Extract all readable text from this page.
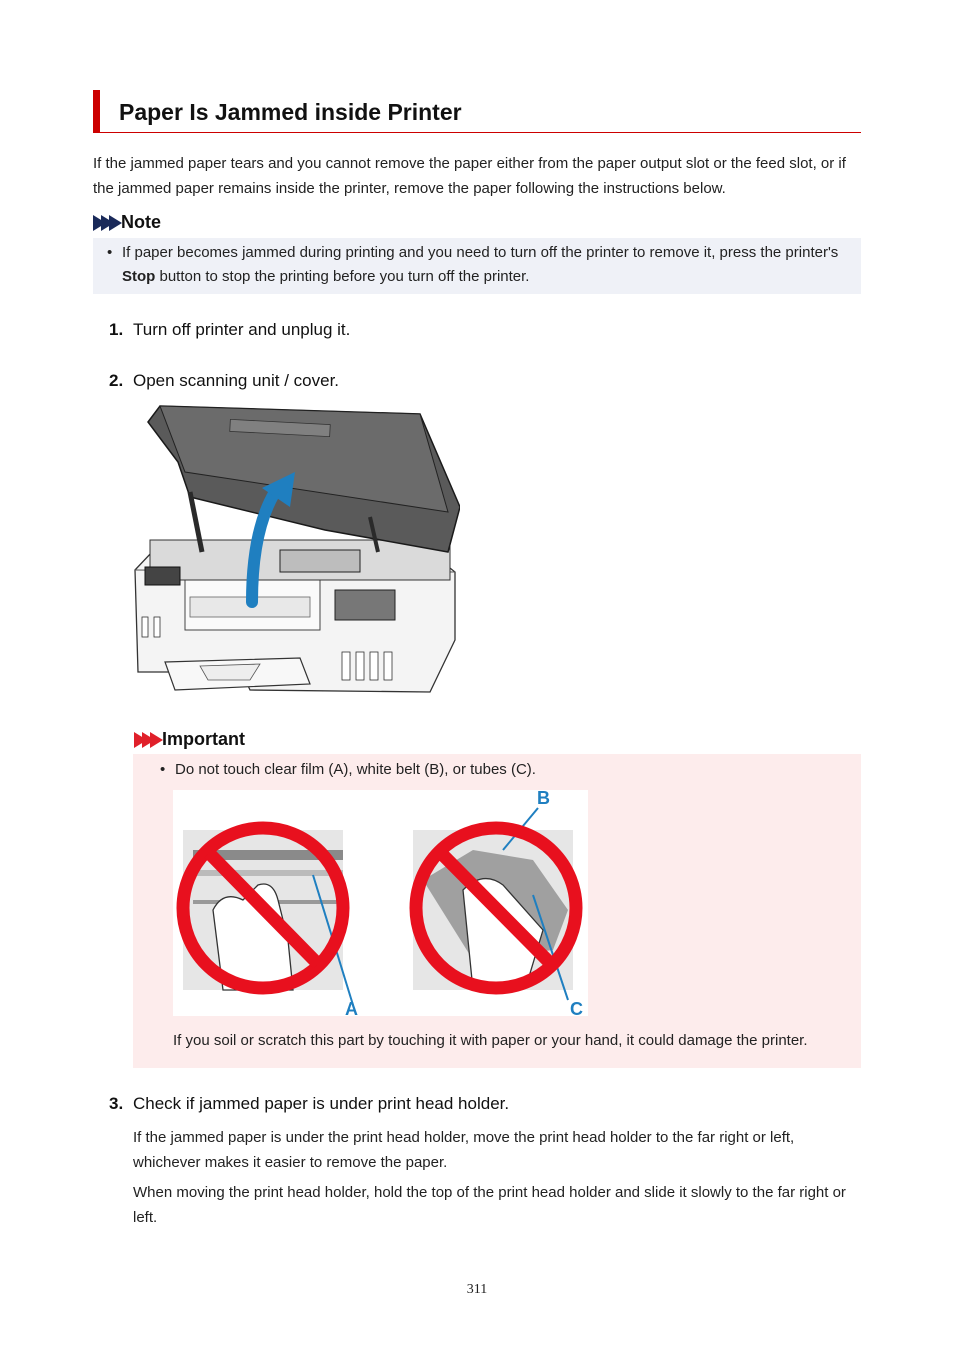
Paper Is Jammed inside Printer

If the jammed paper tears and you cannot remove the paper either from the paper output slot or the feed slot, or if the jammed paper remains inside the printer, remove the paper following the instructions below.

Note

• If paper becomes jammed during printing and you need to turn off the printer to remove it, press the printer's Stop button to stop the printing before you turn off the printer.

1. Turn off printer and unplug it.
2. Open scanning unit / cover.
Important

• Do not touch clear film (A), white belt (B), or tubes (C).

A
B
C

If you soil or scratch this part by touching it with paper or your hand, it could damage the printer.

3. Check if jammed paper is under print head holder.

If the jammed paper is under the print head holder, move the print head holder to the far right or left, whichever makes it easier to remove the paper.

When moving the print head holder, hold the top of the print head holder and slide it slowly to the far right or left.

311
